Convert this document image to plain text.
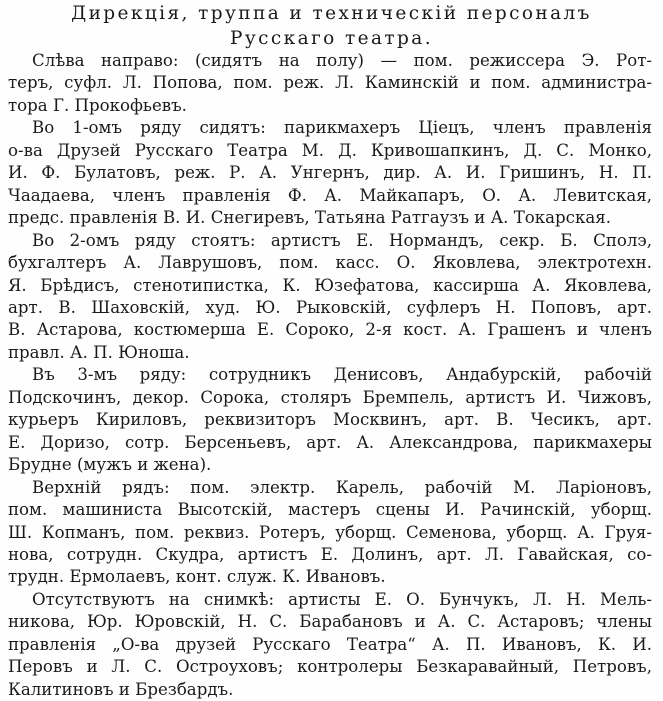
Дирекція, труппа и техническій персоналъ
Русскаго театра.
Слѣва направо: (сидятъ на полу) — пом. режиссера Э. Рот-
теръ, суфл. Л. Попова, пом. реж. Л. Каминскій и пом. администра-
тора Г. Прокофьевъ.
Во 1-омъ ряду сидятъ: парикмахеръ Ціецъ, членъ правленія
о-ва Друзей Русскаго Театра М. Д. Кривошапкинъ, Д. С. Монко,
И. Ф. Булатовъ, реж. Р. А. Унгернъ, дир. А. И. Гришинъ, Н. П.
Чаадаева, членъ правленія Ф. А. Майкапаръ, О. А. Левитская,
предс. правленія В. И. Снегиревъ, Татьяна Ратгаузъ и А. Токарская.
Во 2-омъ ряду стоятъ: артистъ Е. Нормандъ, секр. Б. Сполэ,
бухгалтеръ А. Лаврушовъ, пом. касс. О. Яковлева, электротехн.
Я. Брѣдисъ, стенотипистка, К. Юзефатова, кассирша А. Яковлева,
арт. В. Шаховскій, худ. Ю. Рыковскій, суфлеръ Н. Поповъ, арт.
В. Астарова, костюмерша Е. Сороко, 2-я кост. А. Грашенъ и членъ
правл. А. П. Юноша.
Въ 3-мъ ряду: сотрудникъ Денисовъ, Андабурскій, рабочій
Подскочинъ, декор. Сорока, столяръ Бремпель, артистъ И. Чижовъ,
курьеръ Кириловъ, реквизиторъ Москвинъ, арт. В. Чесикъ, арт.
Е. Доризо, сотр. Берсеньевъ, арт. А. Александрова, парикмахеры
Брудне (мужъ и жена).
Верхній рядъ: пом. электр. Карель, рабочій М. Ларіоновъ,
пом. машиниста Высотскій, мастеръ сцены И. Рачинскій, уборщ.
Ш. Копманъ, пом. реквиз. Ротеръ, уборщ. Семенова, уборщ. А. Груя-
нова, сотрудн. Скудра, артистъ Е. Долинъ, арт. Л. Гавайская, со-
трудн. Ермолаевъ, конт. служ. К. Ивановъ.
Отсутствуютъ на снимкѣ: артисты Е. О. Бунчукъ, Л. Н. Мель-
никова, Юр. Юровскій, Н. С. Барабановъ и А. С. Астаровъ; члены
правленія „О-ва друзей Русскаго Театра“ А. П. Ивановъ, К. И.
Перовъ и Л. С. Остроуховъ; контролеры Безкаравайный, Петровъ,
Калитиновъ и Брезбардъ.
